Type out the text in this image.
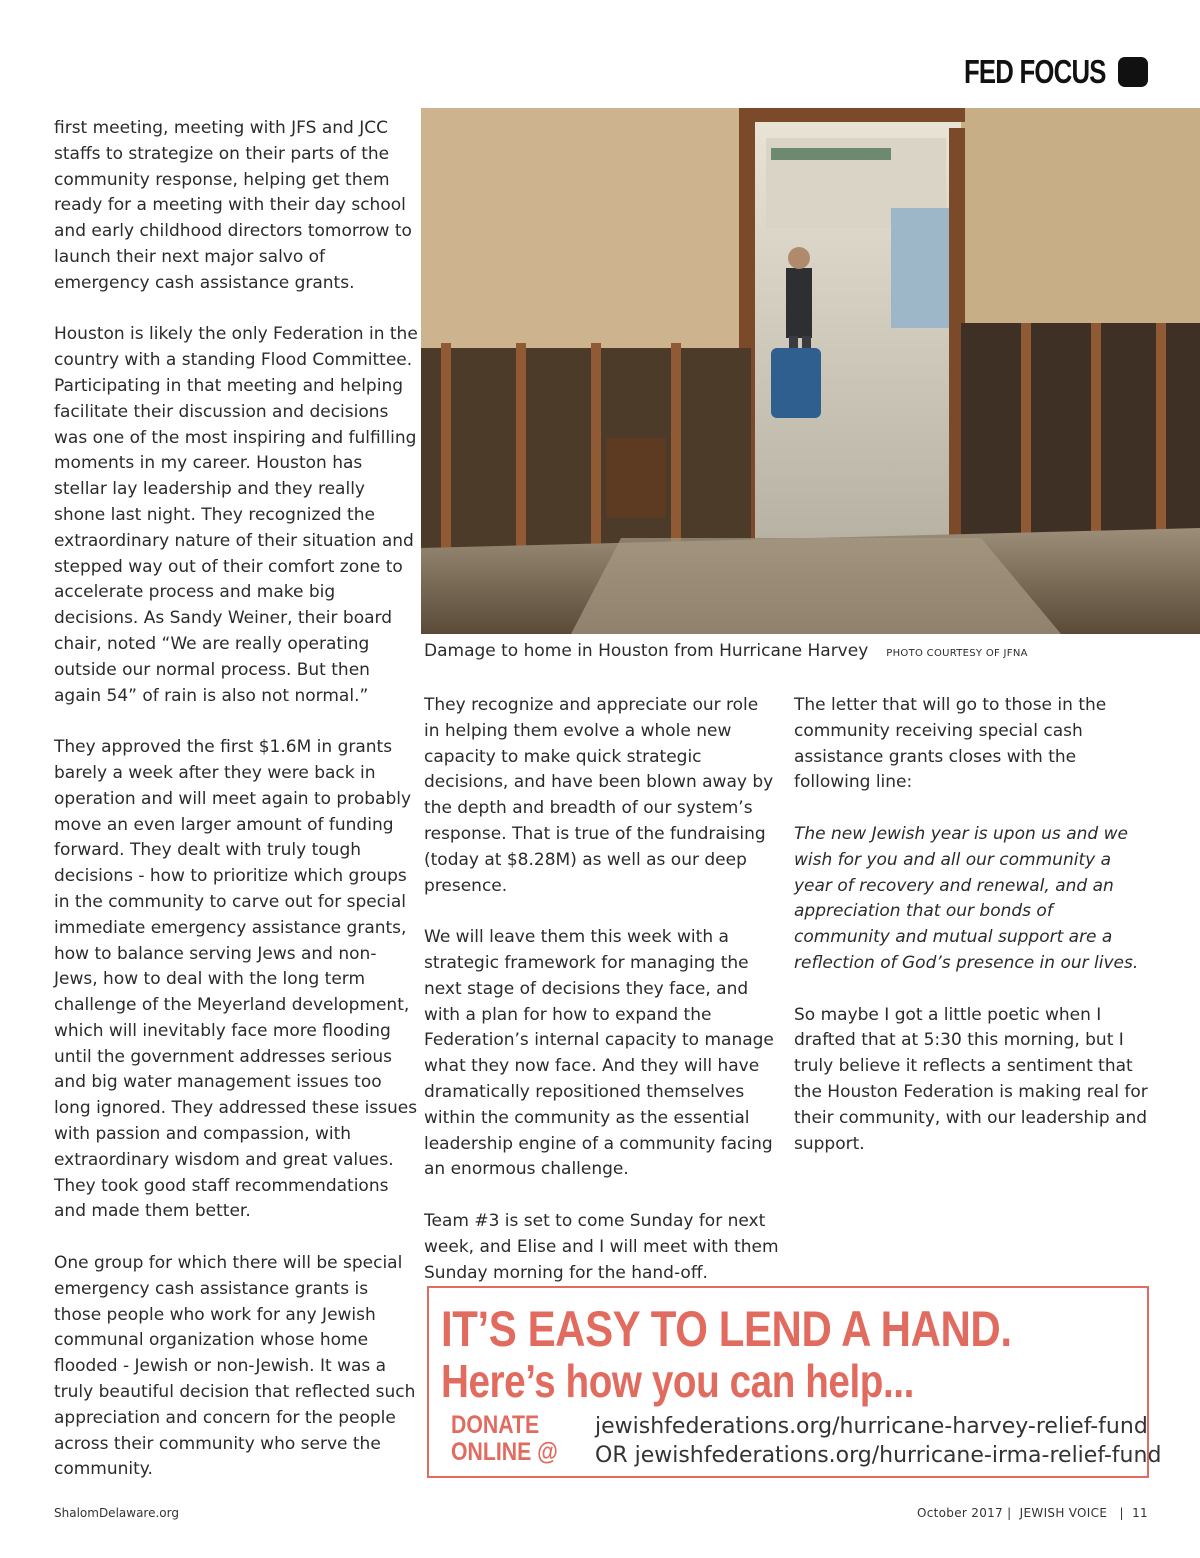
FED FOCUS

first meeting, meeting with JFS and JCC staffs to strategize on their parts of the community response, helping get them ready for a meeting with their day school and early childhood directors tomorrow to launch their next major salvo of emergency cash assistance grants.

Houston is likely the only Federation in the country with a standing Flood Committee. Participating in that meeting and helping facilitate their discussion and decisions was one of the most inspiring and fulfilling moments in my career. Houston has stellar lay leadership and they really shone last night. They recognized the extraordinary nature of their situation and stepped way out of their comfort zone to accelerate process and make big decisions. As Sandy Weiner, their board chair, noted “We are really operating outside our normal process. But then again 54” of rain is also not normal.”

They approved the first $1.6M in grants barely a week after they were back in operation and will meet again to probably move an even larger amount of funding forward. They dealt with truly tough decisions - how to prioritize which groups in the community to carve out for special immediate emergency assistance grants, how to balance serving Jews and non-Jews, how to deal with the long term challenge of the Meyerland development, which will inevitably face more flooding until the government addresses serious and big water management issues too long ignored. They addressed these issues with passion and compassion, with extraordinary wisdom and great values. They took good staff recommendations and made them better.

One group for which there will be special emergency cash assistance grants is those people who work for any Jewish communal organization whose home flooded - Jewish or non-Jewish. It was a truly beautiful decision that reflected such appreciation and concern for the people across their community who serve the community.

Damage to home in Houston from Hurricane Harvey PHOTO COURTESY OF JFNA

They recognize and appreciate our role in helping them evolve a whole new capacity to make quick strategic decisions, and have been blown away by the depth and breadth of our system’s response. That is true of the fundraising (today at $8.28M) as well as our deep presence.

We will leave them this week with a strategic framework for managing the next stage of decisions they face, and with a plan for how to expand the Federation’s internal capacity to manage what they now face. And they will have dramatically repositioned themselves within the community as the essential leadership engine of a community facing an enormous challenge.

Team #3 is set to come Sunday for next week, and Elise and I will meet with them Sunday morning for the hand-off.

The letter that will go to those in the community receiving special cash assistance grants closes with the following line:

The new Jewish year is upon us and we wish for you and all our community a year of recovery and renewal, and an appreciation that our bonds of community and mutual support are a reflection of God’s presence in our lives.

So maybe I got a little poetic when I drafted that at 5:30 this morning, but I truly believe it reflects a sentiment that the Houston Federation is making real for their community, with our leadership and support.

IT’S EASY TO LEND A HAND.
Here’s how you can help...
DONATE
ONLINE @
jewishfederations.org/hurricane-harvey-relief-fund
OR jewishfederations.org/hurricane-irma-relief-fund
ShalomDelaware.org	October 2017 |  JEWISH VOICE   |  11
